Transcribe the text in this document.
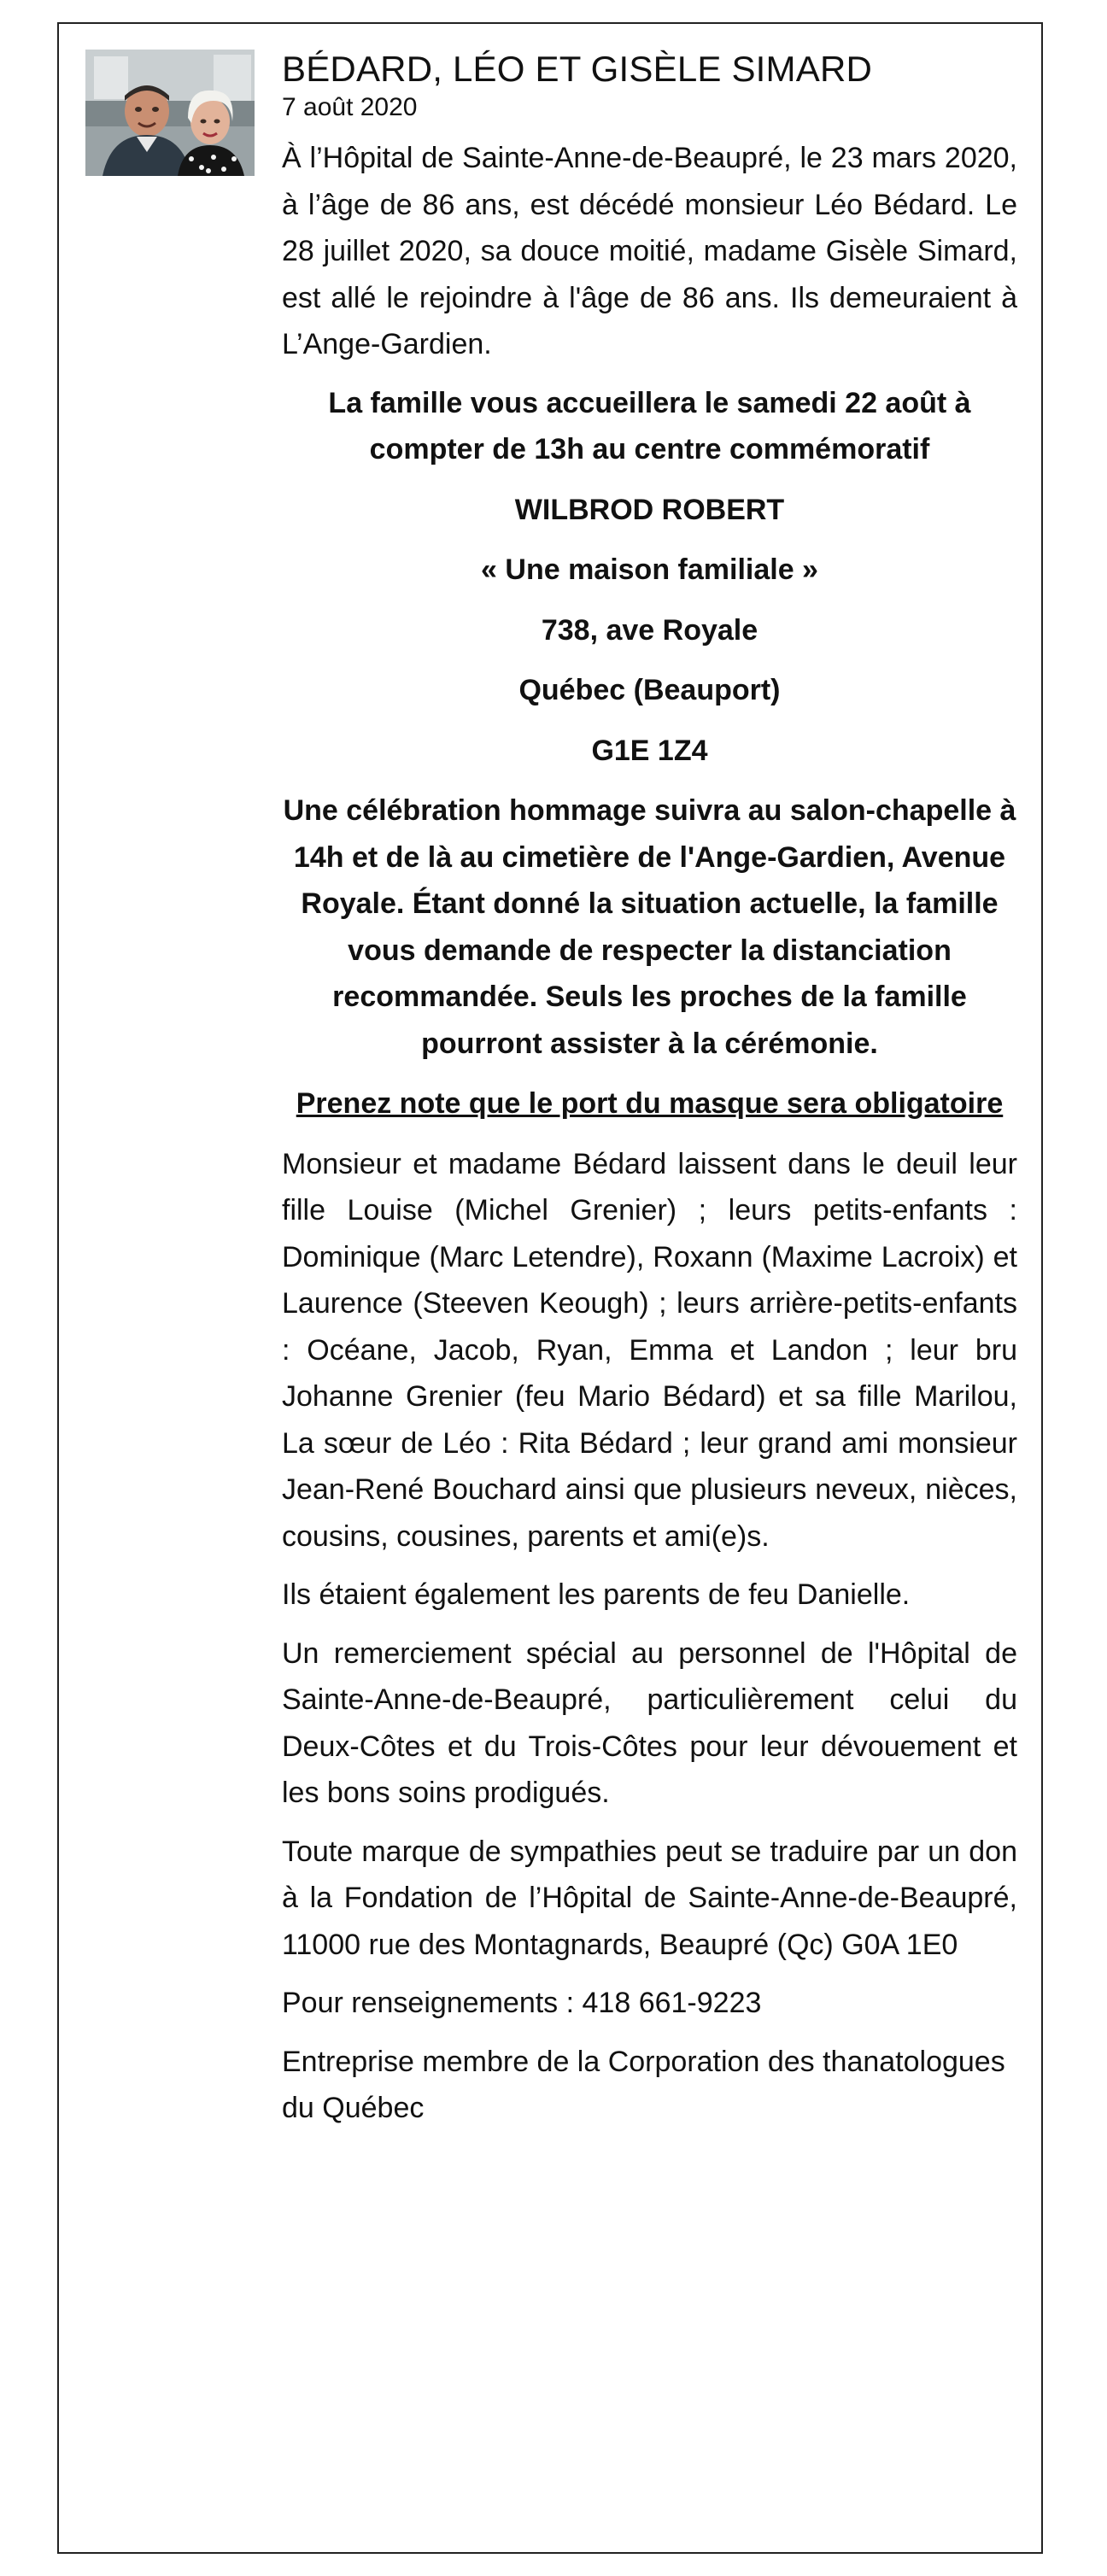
BÉDARD, LÉO ET GISÈLE SIMARD
7 août 2020

À l’Hôpital de Sainte-Anne-de-Beaupré, le 23 mars 2020, à l’âge de 86 ans, est décédé monsieur Léo Bédard. Le 28 juillet 2020, sa douce moitié, madame Gisèle Simard, est allé le rejoindre à l'âge de 86 ans. Ils demeuraient à L’Ange-Gardien.

La famille vous accueillera le samedi 22 août à compter de 13h au centre commémoratif

WILBROD ROBERT

« Une maison familiale »

738, ave Royale

Québec (Beauport)

G1E 1Z4

Une célébration hommage suivra au salon-chapelle à 14h et de là au cimetière de l'Ange-Gardien, Avenue Royale. Étant donné la situation actuelle, la famille vous demande de respecter la distanciation recommandée. Seuls les proches de la famille pourront assister à la cérémonie.

Prenez note que le port du masque sera obligatoire

Monsieur et madame Bédard laissent dans le deuil leur fille Louise (Michel Grenier) ; leurs petits-enfants : Dominique (Marc Letendre), Roxann (Maxime Lacroix) et Laurence (Steeven Keough) ; leurs arrière-petits-enfants : Océane, Jacob, Ryan, Emma et Landon ; leur bru Johanne Grenier (feu Mario Bédard) et sa fille Marilou, La sœur de Léo : Rita Bédard ; leur grand ami monsieur Jean-René Bouchard ainsi que plusieurs neveux, nièces, cousins, cousines, parents et ami(e)s.

Ils étaient également les parents de feu Danielle.

Un remerciement spécial au personnel de l'Hôpital de Sainte-Anne-de-Beaupré, particulièrement celui du Deux-Côtes et du Trois-Côtes pour leur dévouement et les bons soins prodigués.

Toute marque de sympathies peut se traduire par un don à la Fondation de l’Hôpital de Sainte-Anne-de-Beaupré, 11000 rue des Montagnards, Beaupré (Qc) G0A 1E0

Pour renseignements : 418 661-9223

Entreprise membre de la Corporation des thanatologues du Québec
